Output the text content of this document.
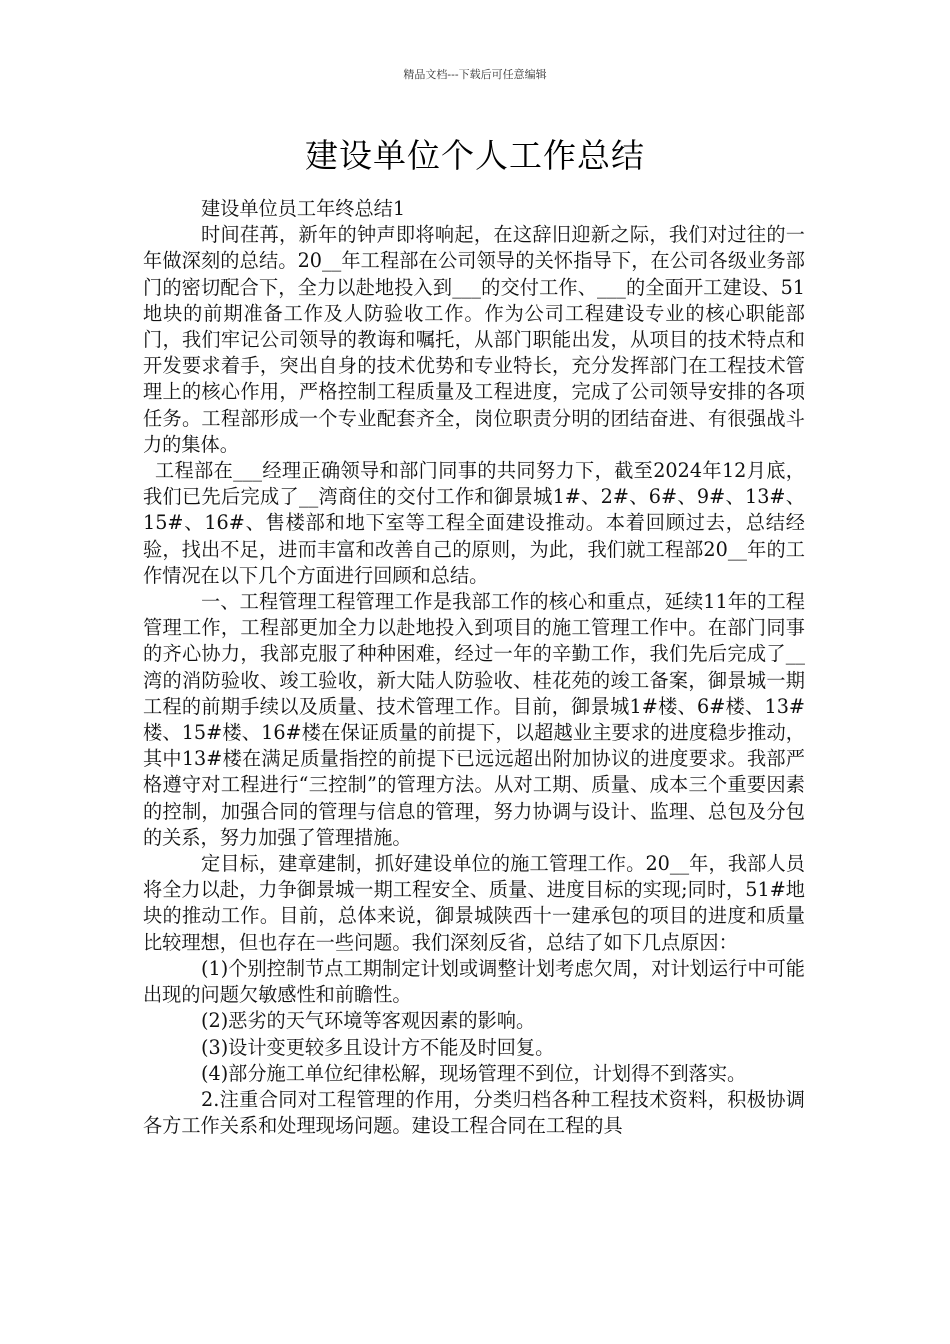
精品文档---下载后可任意编辑
建设单位个人工作总结

建设单位员工年终总结1

时间荏苒，新年的钟声即将响起，在这辞旧迎新之际，我们对过往的一年做深刻的总结。20__年工程部在公司领导的关怀指导下，在公司各级业务部门的密切配合下，全力以赴地投入到___的交付工作、___的全面开工建设、51地块的前期准备工作及人防验收工作。作为公司工程建设专业的核心职能部门，我们牢记公司领导的教诲和嘱托，从部门职能出发，从项目的技术特点和开发要求着手，突出自身的技术优势和专业特长，充分发挥部门在工程技术管理上的核心作用，严格控制工程质量及工程进度，完成了公司领导安排的各项任务。工程部形成一个专业配套齐全，岗位职责分明的团结奋进、有很强战斗力的集体。

工程部在___经理正确领导和部门同事的共同努力下，截至2024年12月底，我们已先后完成了__湾商住的交付工作和御景城1#、2#、6#、9#、13#、15#、16#、售楼部和地下室等工程全面建设推动。本着回顾过去，总结经验，找出不足，进而丰富和改善自己的原则，为此，我们就工程部20__年的工作情况在以下几个方面进行回顾和总结。

一、工程管理工程管理工作是我部工作的核心和重点，延续11年的工程管理工作，工程部更加全力以赴地投入到项目的施工管理工作中。在部门同事的齐心协力，我部克服了种种困难，经过一年的辛勤工作，我们先后完成了__湾的消防验收、竣工验收，新大陆人防验收、桂花苑的竣工备案，御景城一期工程的前期手续以及质量、技术管理工作。目前，御景城1#楼、6#楼、13#楼、15#楼、16#楼在保证质量的前提下，以超越业主要求的进度稳步推动，其中13#楼在满足质量指控的前提下已远远超出附加协议的进度要求。我部严格遵守对工程进行“三控制”的管理方法。从对工期、质量、成本三个重要因素的控制，加强合同的管理与信息的管理，努力协调与设计、监理、总包及分包的关系，努力加强了管理措施。

定目标，建章建制，抓好建设单位的施工管理工作。20__年，我部人员将全力以赴，力争御景城一期工程安全、质量、进度目标的实现;同时，51#地块的推动工作。目前，总体来说，御景城陕西十一建承包的项目的进度和质量比较理想，但也存在一些问题。我们深刻反省，总结了如下几点原因：

(1)个别控制节点工期制定计划或调整计划考虑欠周，对计划运行中可能出现的问题欠敏感性和前瞻性。

(2)恶劣的天气环境等客观因素的影响。

(3)设计变更较多且设计方不能及时回复。

(4)部分施工单位纪律松解，现场管理不到位，计划得不到落实。

2.注重合同对工程管理的作用，分类归档各种工程技术资料，积极协调各方工作关系和处理现场问题。建设工程合同在工程的具
